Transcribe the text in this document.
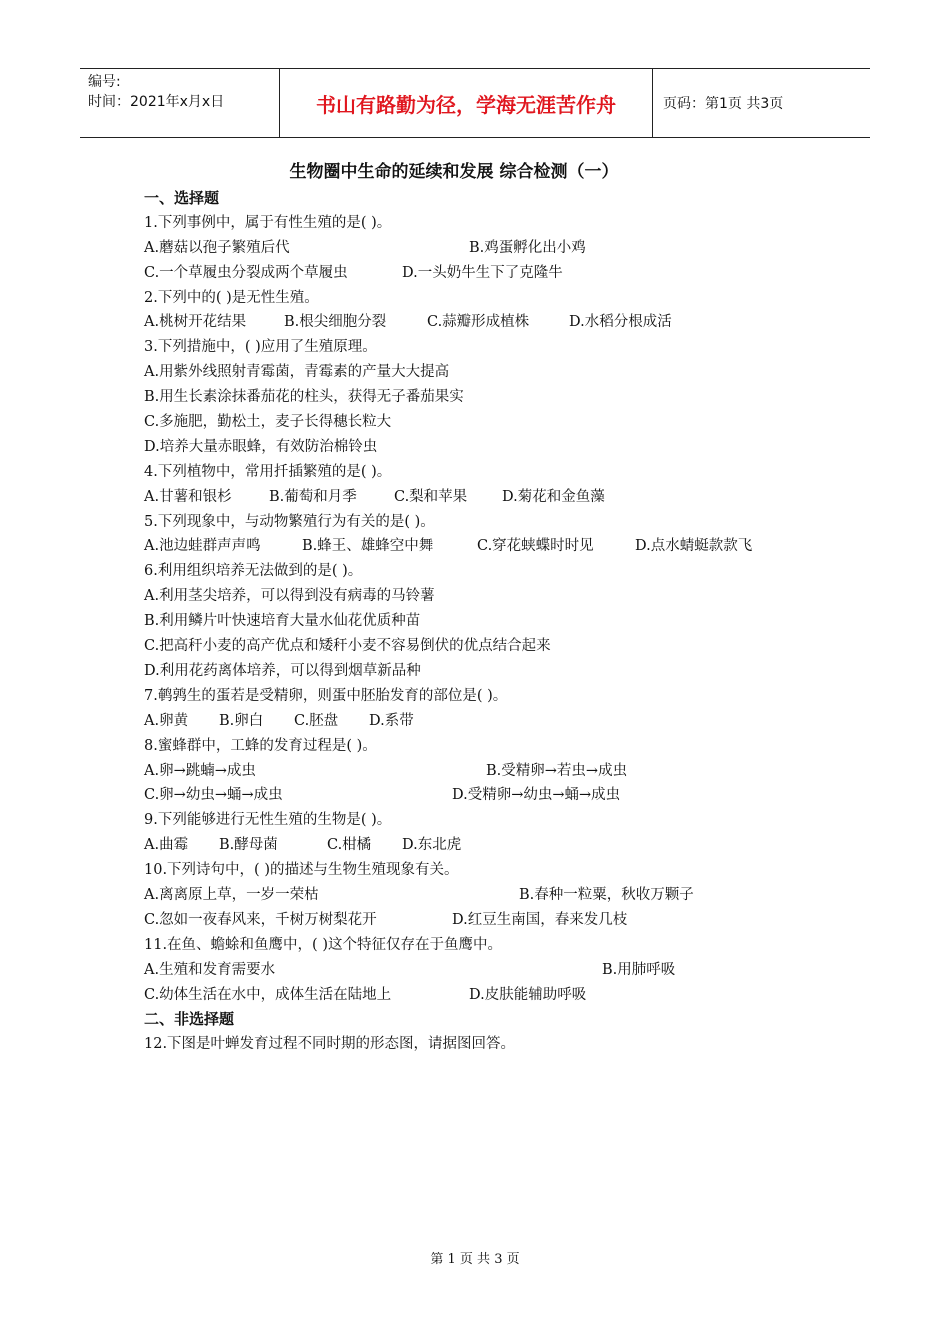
编号:
时间：2021年x月x日	书山有路勤为径，学海无涯苦作舟	页码：第1页 共3页
生物圈中生命的延续和发展 综合检测（一）
一、选择题
1.下列事例中，属于有性生殖的是( )。
A.蘑菇以孢子繁殖后代	B.鸡蛋孵化出小鸡
C.一个草履虫分裂成两个草履虫	D.一头奶牛生下了克隆牛
2.下列中的( )是无性生殖。
A.桃树开花结果	B.根尖细胞分裂	C.蒜瓣形成植株	D.水稻分根成活
3.下列措施中，( )应用了生殖原理。
A.用紫外线照射青霉菌，青霉素的产量大大提高
B.用生长素涂抹番茄花的柱头，获得无子番茄果实
C.多施肥，勤松土，麦子长得穗长粒大
D.培养大量赤眼蜂，有效防治棉铃虫
4.下列植物中，常用扦插繁殖的是( )。
A.甘薯和银杉	B.葡萄和月季	C.梨和苹果 D.菊花和金鱼藻
5.下列现象中，与动物繁殖行为有关的是( )。
A.池边蛙群声声鸣	B.蜂王、雄蜂空中舞	C.穿花蛱蝶时时见	D.点水蜻蜓款款飞
6.利用组织培养无法做到的是( )。
A.利用茎尖培养，可以得到没有病毒的马铃薯
B.利用鳞片叶快速培育大量水仙花优质种苗
C.把高秆小麦的高产优点和矮秆小麦不容易倒伏的优点结合起来
D.利用花药离体培养，可以得到烟草新品种
7.鹌鹑生的蛋若是受精卵，则蛋中胚胎发育的部位是( )。
A.卵黄 B.卵白 C.胚盘 D.系带
8.蜜蜂群中，工蜂的发育过程是( )。
A.卵→跳蝻→成虫	B.受精卵→若虫→成虫
C.卵→幼虫→蛹→成虫	D.受精卵→幼虫→蛹→成虫
9.下列能够进行无性生殖的生物是( )。
A.曲霉 B.酵母菌	C.柑橘 D.东北虎
10.下列诗句中，( )的描述与生物生殖现象有关。
A.离离原上草，一岁一荣枯	B.春种一粒粟，秋收万颗子
C.忽如一夜春风来，千树万树梨花开	D.红豆生南国，春来发几枝
11.在鱼、蟾蜍和鱼鹰中，( )这个特征仅存在于鱼鹰中。
A.生殖和发育需要水	B.用肺呼吸
C.幼体生活在水中，成体生活在陆地上	D.皮肤能辅助呼吸
二、非选择题
12.下图是叶蝉发育过程不同时期的形态图，请据图回答。
第 1 页 共 3 页
